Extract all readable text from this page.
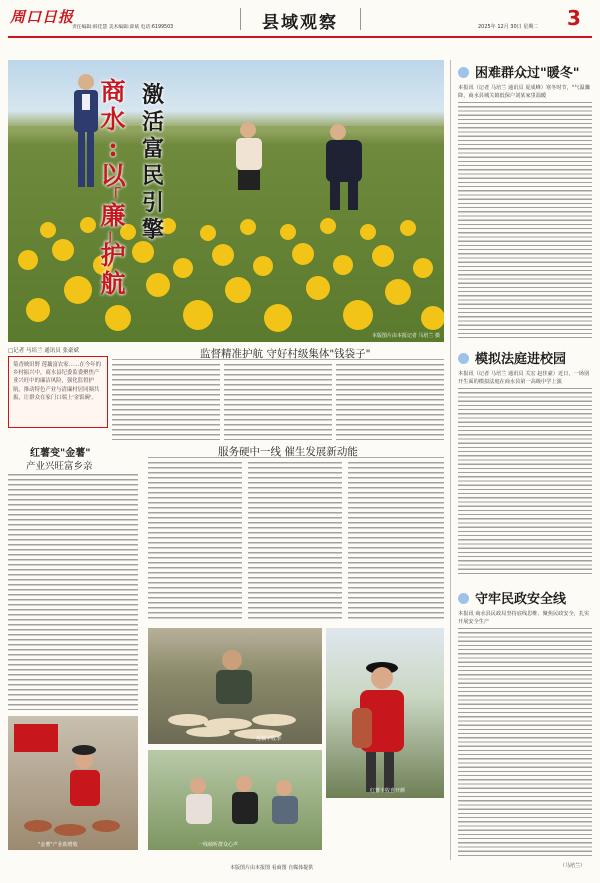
周口日报
责任编辑:韩佳慧 美术编辑:薛斌 电话:6199503	县域观察	2025年 12月 30日 星期二 3
商
水
:
以
「
廉
」
护
航
激
活
富
民
引
擎
本版图片由本报记者 马培兰 摄
□记者 马培兰 通讯员 张豪斌
菊香映田野 莲藕富农家……在今年的乡村振兴中，商水县纪委监委聚焦产业兴旺中的廉洁风险，强化监督护航，推动特色产业与清廉村居同频共振，让群众在家门口端上'金饭碗'。
监督精准护航 守好村级集体"钱袋子"
红薯变"金薯"
产业兴旺富乡亲
服务硬中一线 催生发展新动能
莲藕丰收季
红薯丰收喜开颜
一线倾听群众心声
"金薯"产业助增收
困难群众过"暖冬"
本报讯（记者 马培兰 通讯员 夏成峰）寒冬时节，"气温骤降，商水县城关镇低保户刘某家里温暖
模拟法庭进校园
本报讯（记者 马培兰 通讯员 关宏 赵佳豪）近日，一场别开生面的模拟法庭在商水县第一高级中学上演
守牢民政安全线
本报讯 商水县民政局坚持底线思维、聚焦民政安全，扎实开展安全生产
（马培兰）
本版图片由本报图 看商图 自媒体提供
